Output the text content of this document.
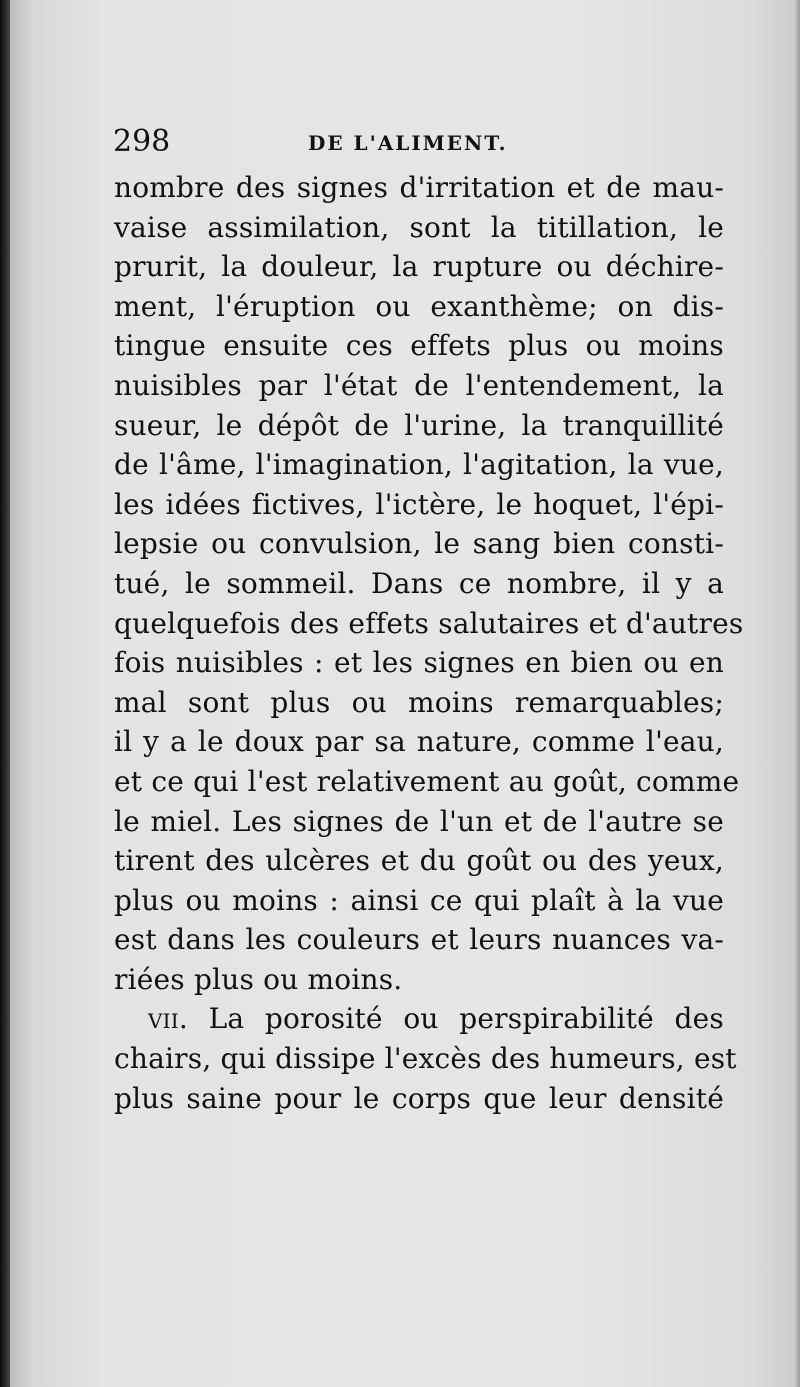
298	DE L'ALIMENT.
nombre des signes d'irritation et de mau-
vaise assimilation, sont la titillation, le
prurit, la douleur, la rupture ou déchire-
ment, l'éruption ou exanthème; on dis-
tingue ensuite ces effets plus ou moins
nuisibles par l'état de l'entendement, la
sueur, le dépôt de l'urine, la tranquillité
de l'âme, l'imagination, l'agitation, la vue,
les idées fictives, l'ictère, le hoquet, l'épi-
lepsie ou convulsion, le sang bien consti-
tué, le sommeil. Dans ce nombre, il y a
quelquefois des effets salutaires et d'autres
fois nuisibles : et les signes en bien ou en
mal sont plus ou moins remarquables;
il y a le doux par sa nature, comme l'eau,
et ce qui l'est relativement au goût, comme
le miel. Les signes de l'un et de l'autre se
tirent des ulcères et du goût ou des yeux,
plus ou moins : ainsi ce qui plaît à la vue
est dans les couleurs et leurs nuances va-
riées plus ou moins.
vii. La porosité ou perspirabilité des
chairs, qui dissipe l'excès des humeurs, est
plus saine pour le corps que leur densité
